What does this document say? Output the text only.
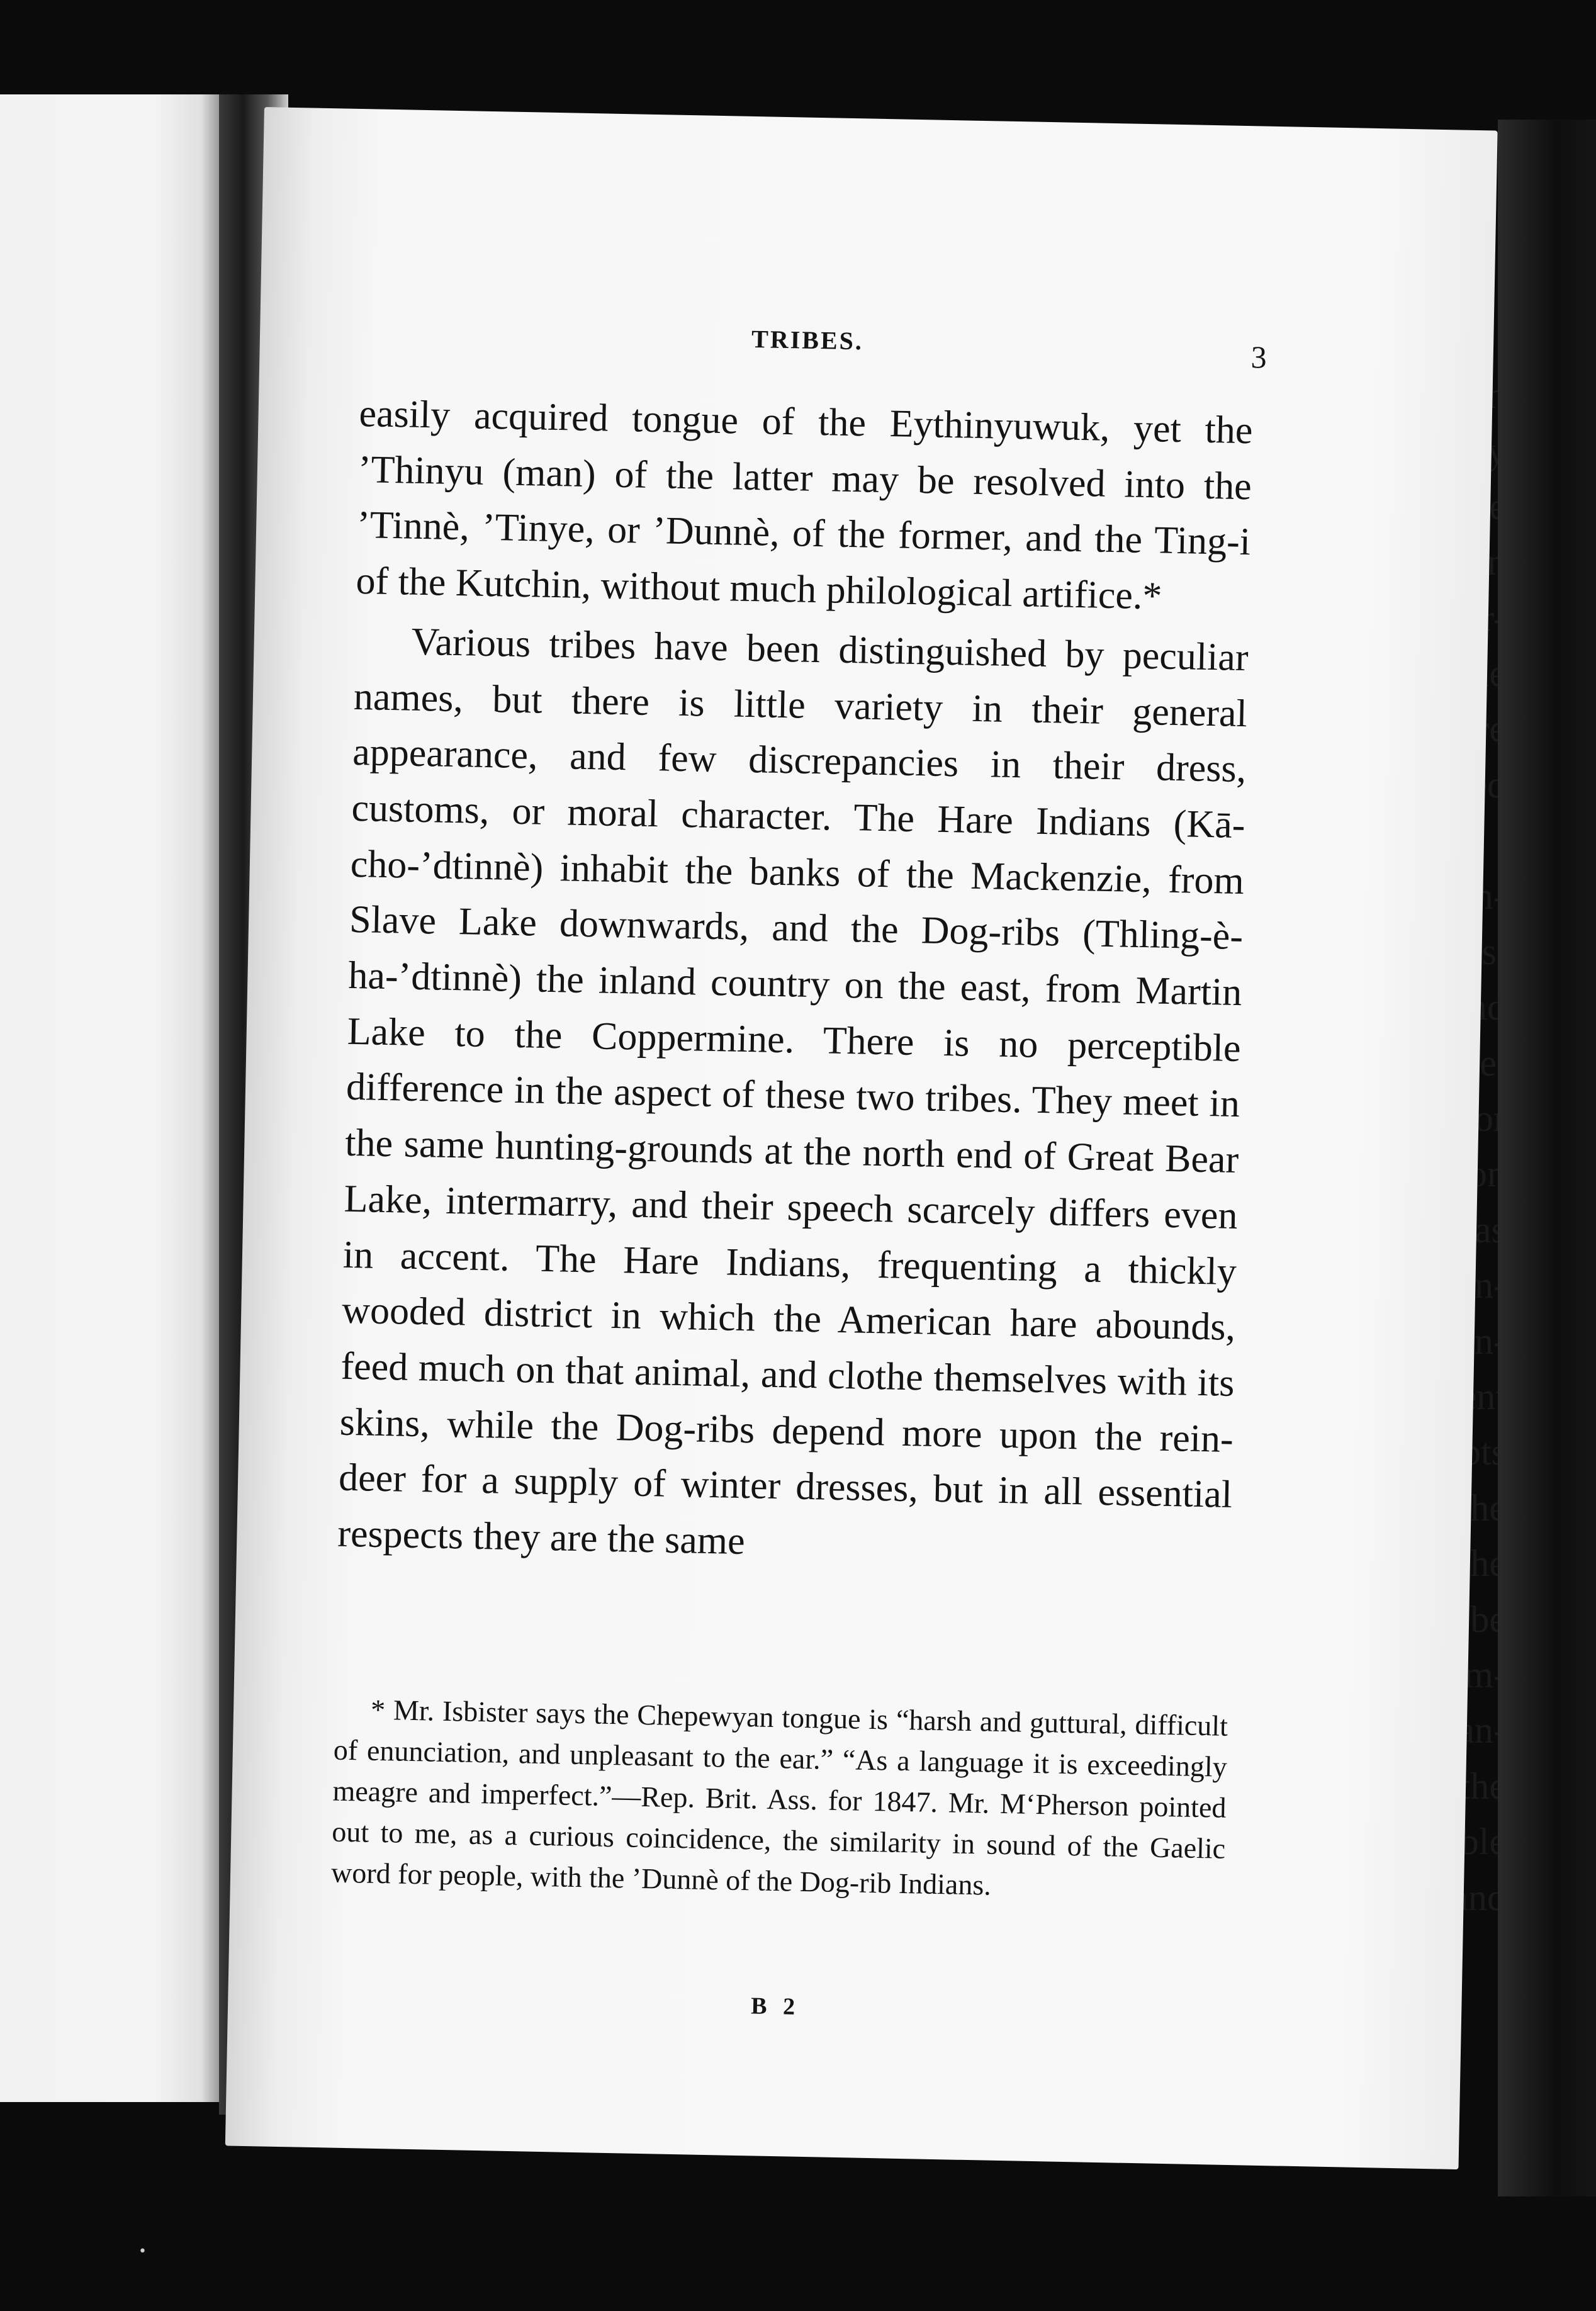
in
for
as
lan-
the
the
be
lan-
the
and
TRIBES.	3

easily acquired tongue of the Eythinyuwuk, yet the ’Thinyu (man) of the latter may be resolved into the ’Tinnè, ’Tinye, or ’Dunnè, of the former, and the Ting-i of the Kutchin, without much philological artifice.*

Various tribes have been distinguished by peculiar names, but there is little variety in their general appearance, and few discrepancies in their dress, customs, or moral character. The Hare Indians (Kā-cho-’dtinnè) inhabit the banks of the Mackenzie, from Slave Lake downwards, and the Dog-ribs (Thling-è-ha-’dtinnè) the inland country on the east, from Martin Lake to the Coppermine. There is no perceptible difference in the aspect of these two tribes. They meet in the same hunting-grounds at the north end of Great Bear Lake, intermarry, and their speech scarcely differs even in accent. The Hare Indians, frequenting a thickly wooded district in which the American hare abounds, feed much on that animal, and clothe themselves with its skins, while the Dog-ribs depend more upon the rein-deer for a supply of winter dresses, but in all essential respects they are the same

* Mr. Isbister says the Chepewyan tongue is “harsh and guttural, difficult of enunciation, and unpleasant to the ear.” “As a language it is exceedingly meagre and imperfect.”—Rep. Brit. Ass. for 1847. Mr. M‘Pherson pointed out to me, as a curious coincidence, the similarity in sound of the Gaelic word for people, with the ’Dunnè of the Dog-rib Indians.
B 2
•
